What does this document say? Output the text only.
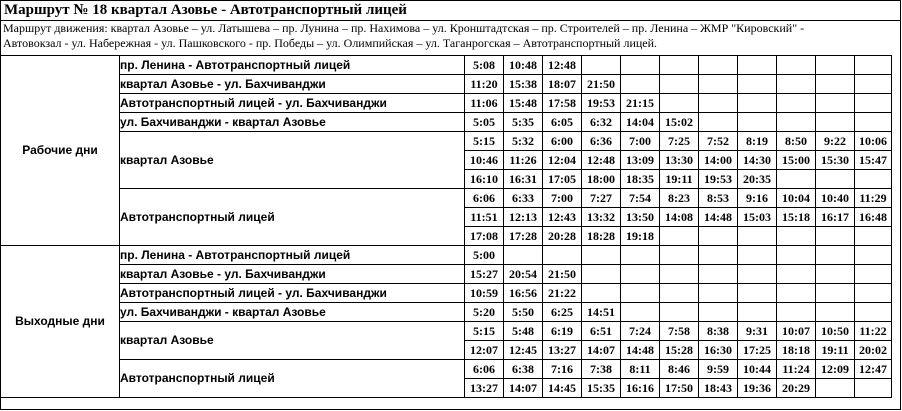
Маршрут № 18 квартал Азовье - Автотранспортный лицей
Маршрут движения: квартал Азовье – ул. Латышева – пр. Лунина – пр. Нахимова – ул. Кронштадтская – пр. Строителей – пр. Ленина – ЖМР "Кировский" -
Автовокзал - ул. Набережная - ул. Пашковского - пр. Победы – ул. Олимпийская – ул. Таганрогская – Автотранспортный лицей.
Рабочие дни	пр. Ленина - Автотранспортный лицей	5:08	10:48	12:48								
	квартал Азовье - ул. Бахчиванджи	11:20	15:38	18:07	21:50							
	Автотранспортный лицей - ул. Бахчиванджи	11:06	15:48	17:58	19:53	21:15						
	ул. Бахчиванджи - квартал Азовье	5:05	5:35	6:05	6:32	14:04	15:02					
	квартал Азовье	5:15	5:32	6:00	6:36	7:00	7:25	7:52	8:19	8:50	9:22	10:06
		10:46	11:26	12:04	12:48	13:09	13:30	14:00	14:30	15:00	15:30	15:47
		16:10	16:31	17:05	18:00	18:35	19:11	19:53	20:35			
	Автотранспортный лицей	6:06	6:33	7:00	7:27	7:54	8:23	8:53	9:16	10:04	10:40	11:29
		11:51	12:13	12:43	13:32	13:50	14:08	14:48	15:03	15:18	16:17	16:48
		17:08	17:28	20:28	18:28	19:18						
Выходные дни	пр. Ленина - Автотранспортный лицей	5:00										
	квартал Азовье - ул. Бахчиванджи	15:27	20:54	21:50								
	Автотранспортный лицей - ул. Бахчиванджи	10:59	16:56	21:22								
	ул. Бахчиванджи - квартал Азовье	5:20	5:50	6:25	14:51							
	квартал Азовье	5:15	5:48	6:19	6:51	7:24	7:58	8:38	9:31	10:07	10:50	11:22
		12:07	12:45	13:27	14:07	14:48	15:28	16:30	17:25	18:18	19:11	20:02
	Автотранспортный лицей	6:06	6:38	7:16	7:38	8:11	8:46	9:59	10:44	11:24	12:09	12:47
		13:27	14:07	14:45	15:35	16:16	17:50	18:43	19:36	20:29		
